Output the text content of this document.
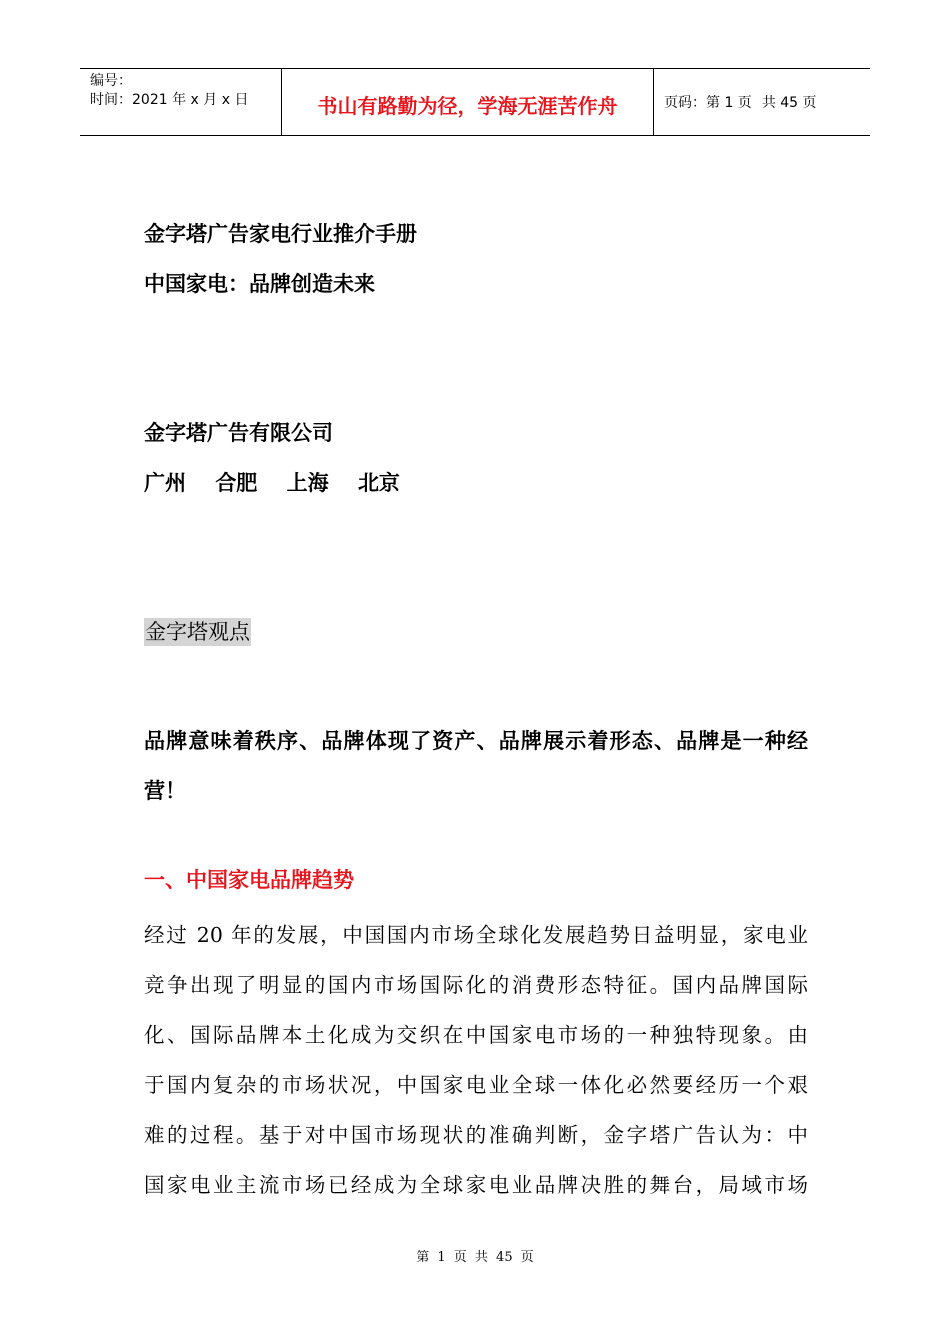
编号：
时间：2021 年 x 月 x 日	书山有路勤为径，学海无涯苦作舟	页码：第 1 页 共 45 页
金字塔广告家电行业推介手册
中国家电：品牌创造未来
金字塔广告有限公司
广州 合肥 上海 北京
金字塔观点
品牌意味着秩序、品牌体现了资产、品牌展示着形态、品牌是一种经营！
一、中国家电品牌趋势
经过 20 年的发展，中国国内市场全球化发展趋势日益明显，家电业
竞争出现了明显的国内市场国际化的消费形态特征。国内品牌国际
化、国际品牌本土化成为交织在中国家电市场的一种独特现象。由
于国内复杂的市场状况，中国家电业全球一体化必然要经历一个艰
难的过程。基于对中国市场现状的准确判断，金字塔广告认为：中
国家电业主流市场已经成为全球家电业品牌决胜的舞台，局域市场
第 1 页 共 45 页
